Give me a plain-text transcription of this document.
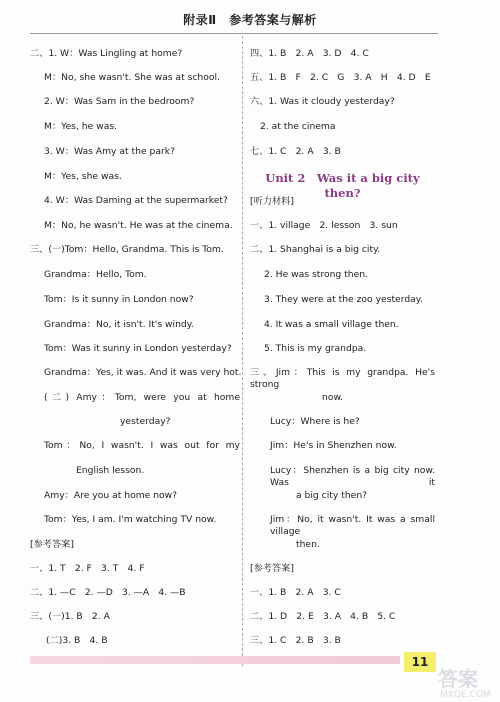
附录Ⅱ　参考答案与解析
二、1. W：Was Lingling at home?
M：No, she wasn't. She was at school.
2. W：Was Sam in the bedroom?
M：Yes, he was.
3. W：Was Amy at the park?
M：Yes, she was.
4. W：Was Daming at the supermarket?
M：No, he wasn't. He was at the cinema.
三、(一)Tom：Hello, Grandma. This is Tom.
Grandma：Hello, Tom.
Tom：Is it sunny in London now?
Grandma：No, it isn't. It's windy.
Tom：Was it sunny in London yesterday?
Grandma：Yes, it was. And it was very hot.
(二) Amy：Tom, were you at home
yesterday?
Tom：No, I wasn't. I was out for my
English lesson.
Amy：Are you at home now?
Tom：Yes, I am. I'm watching TV now.
[参考答案]
一、1. T　2. F　3. T　4. F
二、1. —C　2. —D　3. —A　4. —B
三、(一)1. B　2. A
(二)3. B　4. B
Unit 2　Was it a big city then?
四、1. B　2. A　3. D　4. C
五、1. B　F　2. C　G　3. A　H　4. D　E
六、1. Was it cloudy yesterday?
2. at the cinema
七、1. C　2. A　3. B
[听力材料]
一、1. village　2. lesson　3. sun
二、1. Shanghai is a big city.
2. He was strong then.
3. They were at the zoo yesterday.
4. It was a small village then.
5. This is my grandpa.
三、Jim：This is my grandpa. He's strong
now.
Lucy：Where is he?
Jim：He's in Shenzhen now.
Lucy：Shenzhen is a big city now. Was it
a big city then?
Jim：No, it wasn't. It was a small village
then.
[参考答案]
一、1. B　2. A　3. C
二、1. D　2. E　3. A　4. B　5. C
三、1. C　2. B　3. B
11
答案
MXQE.COM
